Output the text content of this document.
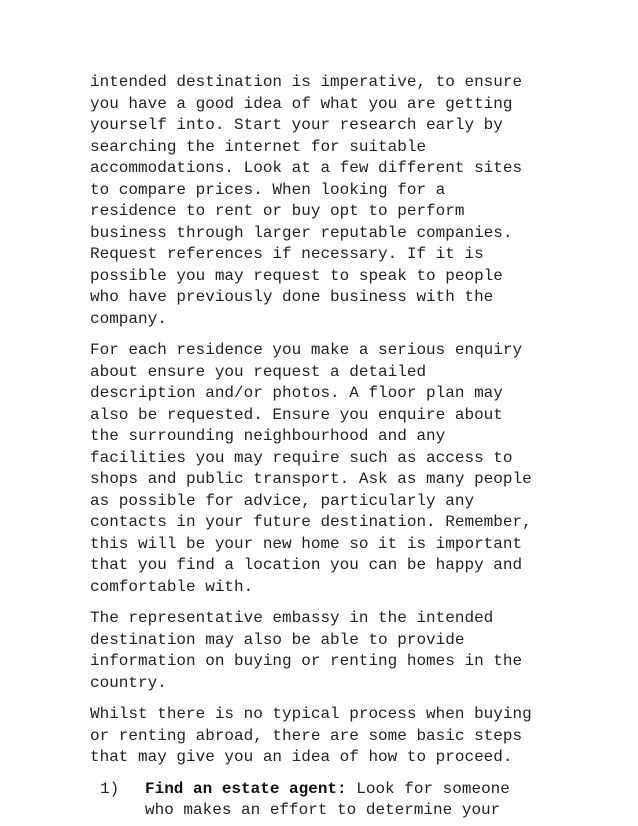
intended destination is imperative, to ensure
you have a good idea of what you are getting
yourself into. Start your research early by
searching the internet for suitable
accommodations. Look at a few different sites
to compare prices. When looking for a
residence to rent or buy opt to perform
business through larger reputable companies.
Request references if necessary. If it is
possible you may request to speak to people
who have previously done business with the
company.

For each residence you make a serious enquiry
about ensure you request a detailed
description and/or photos. A floor plan may
also be requested. Ensure you enquire about
the surrounding neighbourhood and any
facilities you may require such as access to
shops and public transport. Ask as many people
as possible for advice, particularly any
contacts in your future destination. Remember,
this will be your new home so it is important
that you find a location you can be happy and
comfortable with.

The representative embassy in the intended
destination may also be able to provide
information on buying or renting homes in the
country.

Whilst there is no typical process when buying
or renting abroad, there are some basic steps
that may give you an idea of how to proceed.

1) Find an estate agent: Look for someone
who makes an effort to determine your
